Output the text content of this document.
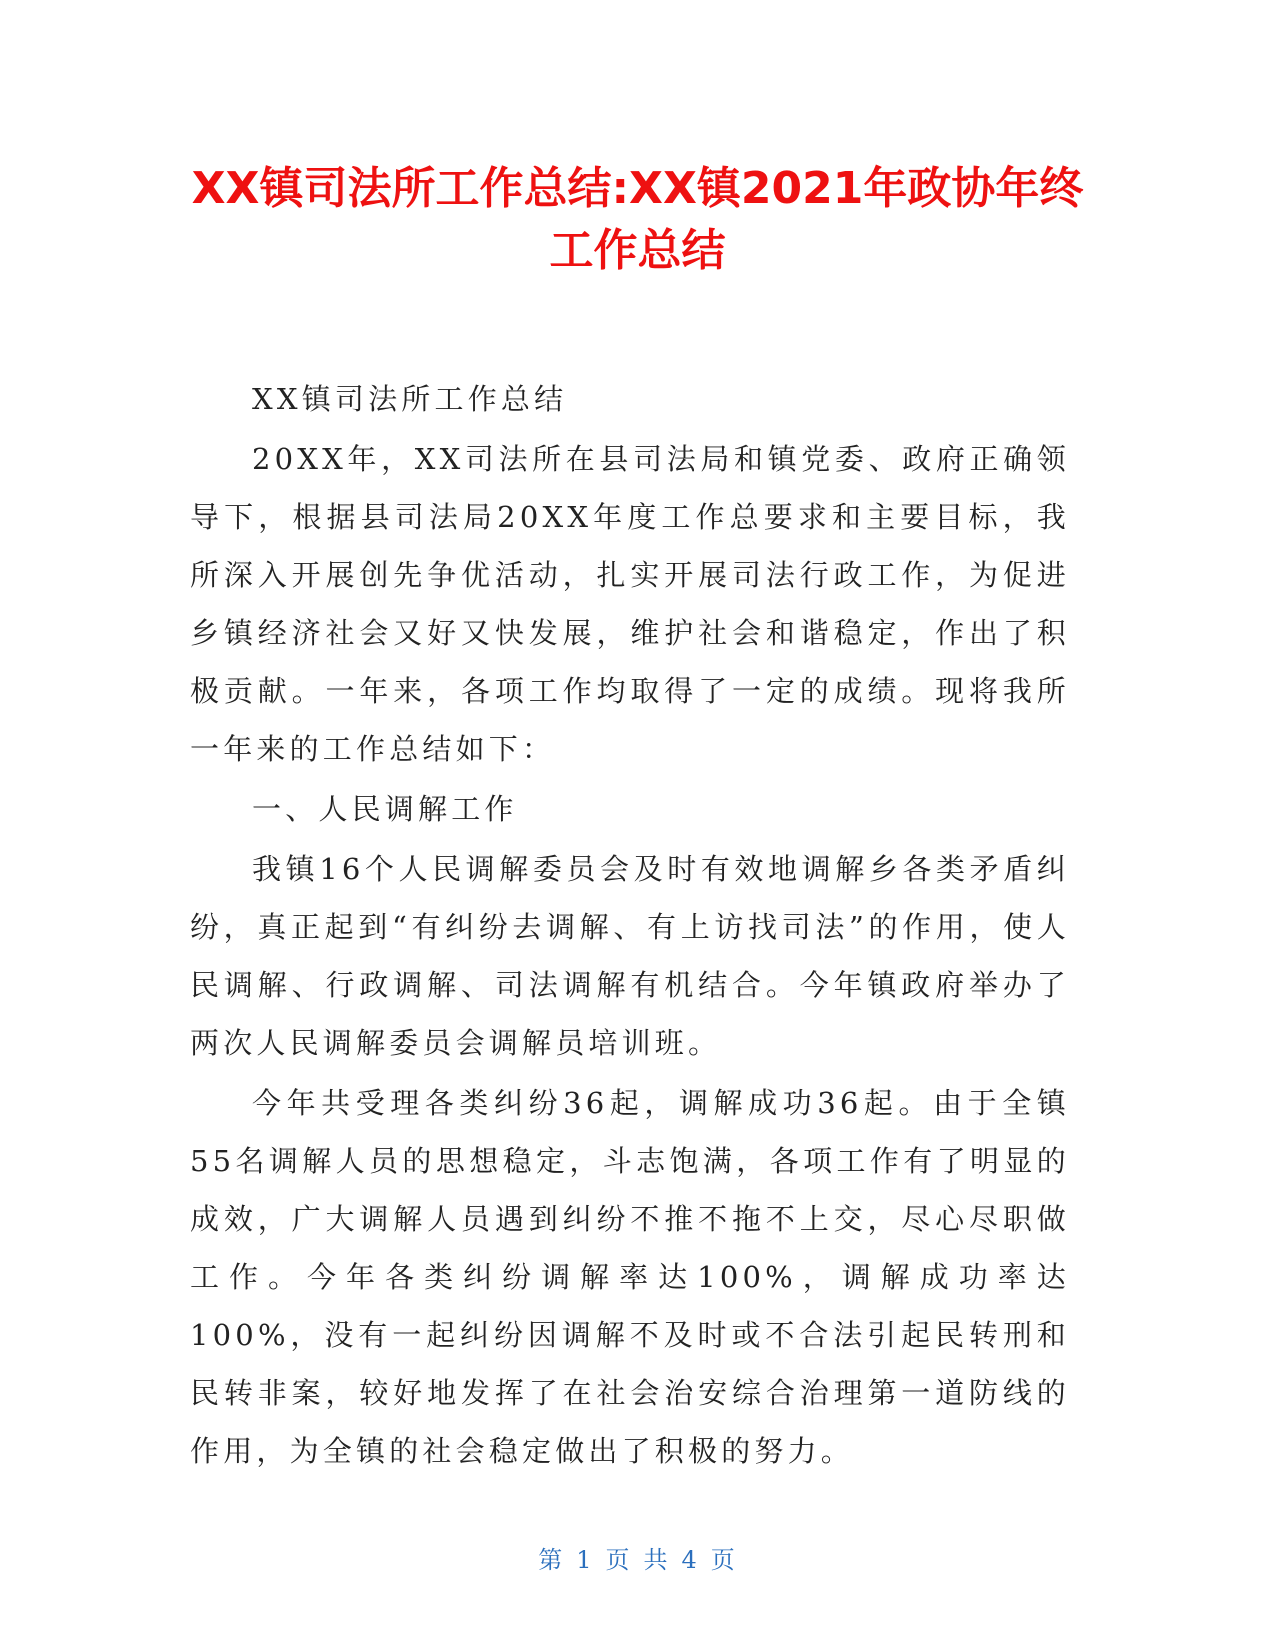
XX镇司法所工作总结:XX镇2021年政协年终工作总结

XX镇司法所工作总结

20XX年，XX司法所在县司法局和镇党委、政府正确领导下，根据县司法局20XX年度工作总要求和主要目标，我所深入开展创先争优活动，扎实开展司法行政工作，为促进乡镇经济社会又好又快发展，维护社会和谐稳定，作出了积极贡献。一年来，各项工作均取得了一定的成绩。现将我所一年来的工作总结如下：

一、人民调解工作

我镇16个人民调解委员会及时有效地调解乡各类矛盾纠纷，真正起到“有纠纷去调解、有上访找司法”的作用，使人民调解、行政调解、司法调解有机结合。今年镇政府举办了两次人民调解委员会调解员培训班。

今年共受理各类纠纷36起，调解成功36起。由于全镇55名调解人员的思想稳定，斗志饱满，各项工作有了明显的成效，广大调解人员遇到纠纷不推不拖不上交，尽心尽职做工作。今年各类纠纷调解率达100%，调解成功率达100%，没有一起纠纷因调解不及时或不合法引起民转刑和民转非案，较好地发挥了在社会治安综合治理第一道防线的作用，为全镇的社会稳定做出了积极的努力。

第 1 页 共 4 页
